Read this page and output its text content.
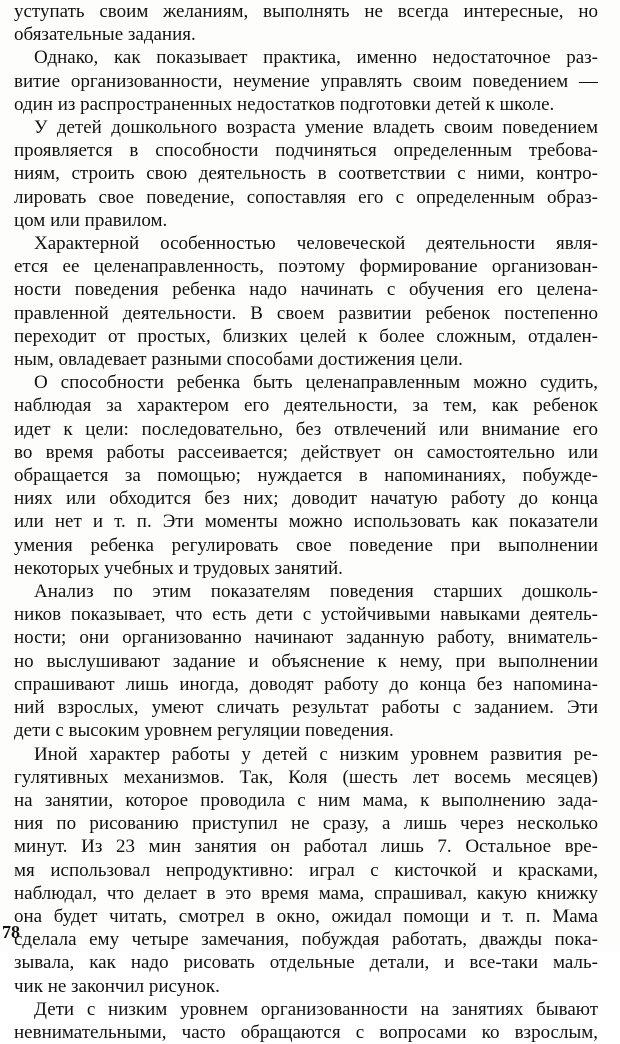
уступать своим желаниям, выполнять не всегда интересные, но
обязательные задания.
Однако, как показывает практика, именно недостаточное раз-
витие организованности, неумение управлять своим поведением —
один из распространенных недостатков подготовки детей к школе.
У детей дошкольного возраста умение владеть своим поведением
проявляется в способности подчиняться определенным требова-
ниям, строить свою деятельность в соответствии с ними, контро-
лировать свое поведение, сопоставляя его с определенным образ-
цом или правилом.
Характерной особенностью человеческой деятельности явля-
ется ее целенаправленность, поэтому формирование организован-
ности поведения ребенка надо начинать с обучения его целена-
правленной деятельности. В своем развитии ребенок постепенно
переходит от простых, близких целей к более сложным, отдален-
ным, овладевает разными способами достижения цели.
О способности ребенка быть целенаправленным можно судить,
наблюдая за характером его деятельности, за тем, как ребенок
идет к цели: последовательно, без отвлечений или внимание его
во время работы рассеивается; действует он самостоятельно или
обращается за помощью; нуждается в напоминаниях, побужде-
ниях или обходится без них; доводит начатую работу до конца
или нет и т. п. Эти моменты можно использовать как показатели
умения ребенка регулировать свое поведение при выполнении
некоторых учебных и трудовых занятий.
Анализ по этим показателям поведения старших дошколь-
ников показывает, что есть дети с устойчивыми навыками деятель-
ности; они организованно начинают заданную работу, вниматель-
но выслушивают задание и объяснение к нему, при выполнении
спрашивают лишь иногда, доводят работу до конца без напомина-
ний взрослых, умеют сличать результат работы с заданием. Эти
дети с высоким уровнем регуляции поведения.
Иной характер работы у детей с низким уровнем развития ре-
гулятивных механизмов. Так, Коля (шесть лет восемь месяцев)
на занятии, которое проводила с ним мама, к выполнению зада-
ния по рисованию приступил не сразу, а лишь через несколько
минут. Из 23 мин занятия он работал лишь 7. Остальное вре-
мя использовал непродуктивно: играл с кисточкой и красками,
наблюдал, что делает в это время мама, спрашивал, какую книжку
она будет читать, смотрел в окно, ожидал помощи и т. п. Мама
сделала ему четыре замечания, побуждая работать, дважды пока-
зывала, как надо рисовать отдельные детали, и все-таки маль-
чик не закончил рисунок.
Дети с низким уровнем организованности на занятиях бывают
невнимательными, часто обращаются с вопросами ко взрослым,
78
